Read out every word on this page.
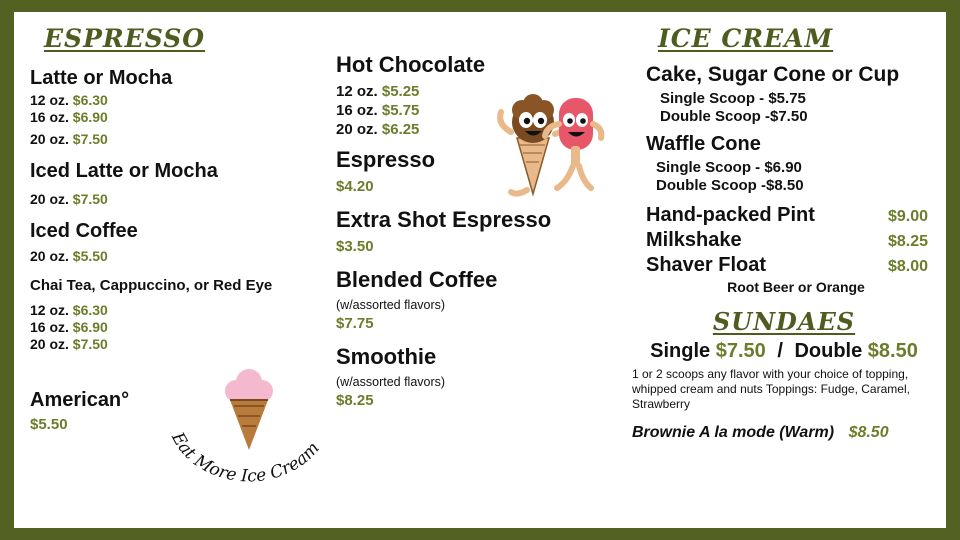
ESPRESSO
Latte or Mocha
12 oz. $6.30
16 oz. $6.90
20 oz. $7.50
Iced Latte or Mocha
20 oz. $7.50
Iced Coffee
20 oz. $5.50
Chai Tea, Cappuccino, or Red Eye
12 oz. $6.30
16 oz. $6.90
20 oz. $7.50
American°
$5.50
Hot Chocolate
12 oz. $5.25
16 oz. $5.75
20 oz. $6.25
Espresso
$4.20
Extra Shot Espresso
$3.50
Blended Coffee
(w/assorted flavors)
$7.75
Smoothie
(w/assorted flavors)
$8.25
Eat More Ice Cream
ICE CREAM
Cake, Sugar Cone or Cup
Single Scoop - $5.75
Double Scoop -$7.50
Waffle Cone
Single Scoop - $6.90
Double Scoop -$8.50
Hand-packed Pint	$9.00
Milkshake	$8.25
Shaver Float	$8.00
Root Beer or Orange
SUNDAES
Single $7.50 / Double $8.50
1 or 2 scoops any flavor with your choice of topping, whipped cream and nuts Toppings: Fudge, Caramel, Strawberry
Brownie A la mode (Warm) $8.50
